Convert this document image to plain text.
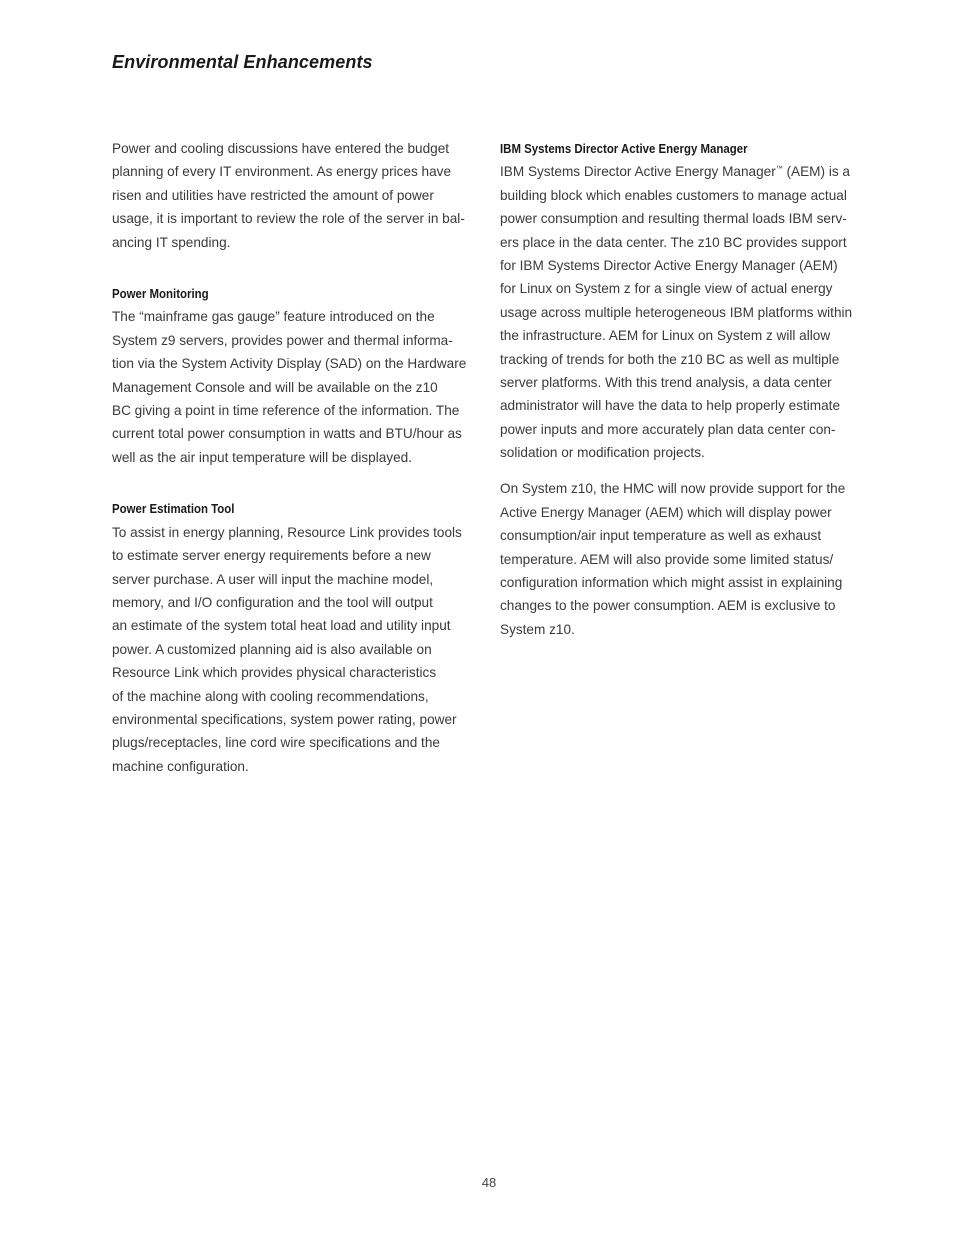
Environmental Enhancements

Power and cooling discussions have entered the budget
planning of every IT environment. As energy prices have
risen and utilities have restricted the amount of power
usage, it is important to review the role of the server in bal-
ancing IT spending.

Power Monitoring

The “mainframe gas gauge” feature introduced on the
System z9 servers, provides power and thermal informa-
tion via the System Activity Display (SAD) on the Hardware
Management Console and will be available on the z10
BC giving a point in time reference of the information. The
current total power consumption in watts and BTU/hour as
well as the air input temperature will be displayed.

Power Estimation Tool

To assist in energy planning, Resource Link provides tools
to estimate server energy requirements before a new
server purchase. A user will input the machine model,
memory, and I/O configuration and the tool will output
an estimate of the system total heat load and utility input
power. A customized planning aid is also available on
Resource Link which provides physical characteristics
of the machine along with cooling recommendations,
environmental specifications, system power rating, power
plugs/receptacles, line cord wire specifications and the
machine configuration.

IBM Systems Director Active Energy Manager

IBM Systems Director Active Energy Manager™ (AEM) is a
building block which enables customers to manage actual
power consumption and resulting thermal loads IBM serv-
ers place in the data center. The z10 BC provides support
for IBM Systems Director Active Energy Manager (AEM)
for Linux on System z for a single view of actual energy
usage across multiple heterogeneous IBM platforms within
the infrastructure. AEM for Linux on System z will allow
tracking of trends for both the z10 BC as well as multiple
server platforms. With this trend analysis, a data center
administrator will have the data to help properly estimate
power inputs and more accurately plan data center con-
solidation or modification projects.

On System z10, the HMC will now provide support for the
Active Energy Manager (AEM) which will display power
consumption/air input temperature as well as exhaust
temperature. AEM will also provide some limited status/
configuration information which might assist in explaining
changes to the power consumption. AEM is exclusive to
System z10.

48
